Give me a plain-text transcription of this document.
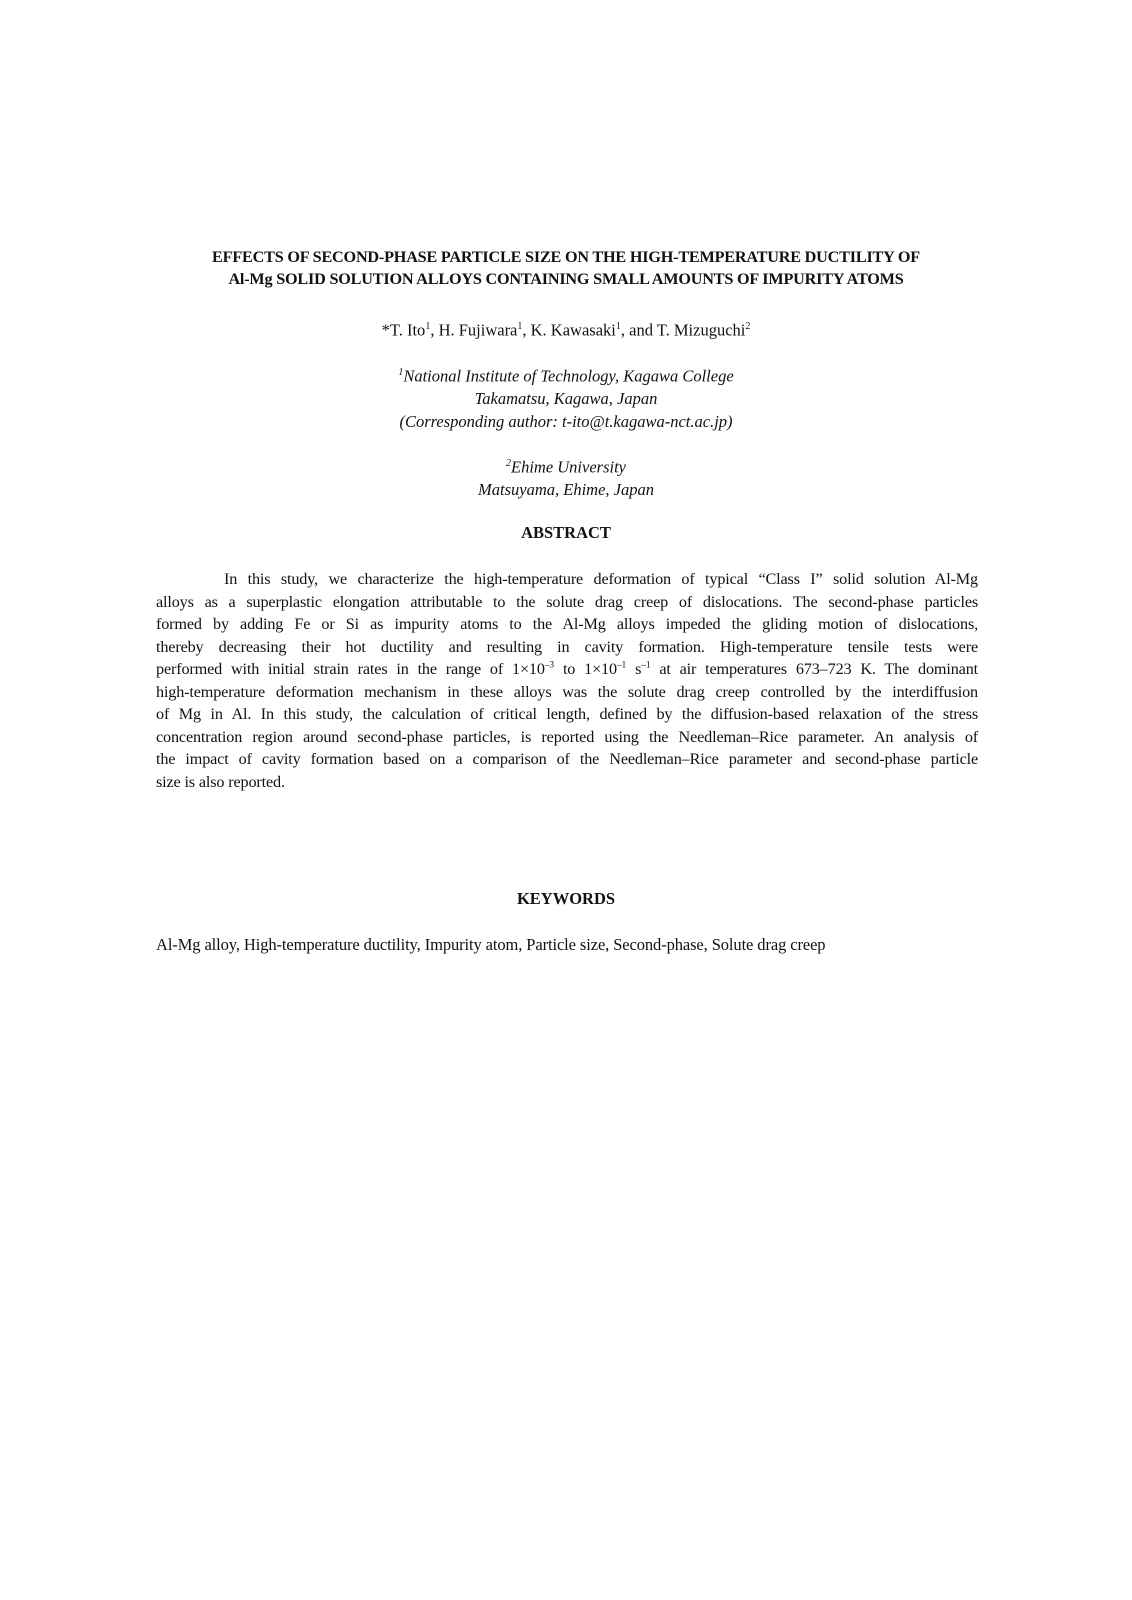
EFFECTS OF SECOND-PHASE PARTICLE SIZE ON THE HIGH-TEMPERATURE DUCTILITY OF
Al-Mg SOLID SOLUTION ALLOYS CONTAINING SMALL AMOUNTS OF IMPURITY ATOMS
*T. Ito$^1$, H. Fujiwara$^1$, K. Kawasaki$^1$, and T. Mizuguchi$^2$
$^1$National Institute of Technology, Kagawa College
Takamatsu, Kagawa, Japan
(Corresponding author: t-ito@t.kagawa-nct.ac.jp)
$^2$Ehime University
Matsuyama, Ehime, Japan
ABSTRACT
In this study, we characterize the high-temperature deformation of typical “Class I” solid solution Al-Mg
alloys as a superplastic elongation attributable to the solute drag creep of dislocations. The second-phase particles
formed by adding Fe or Si as impurity atoms to the Al-Mg alloys impeded the gliding motion of dislocations,
thereby decreasing their hot ductility and resulting in cavity formation. High-temperature tensile tests were
performed with initial strain rates in the range of $1\times 10^{-3}$ to $1\times 10^{-1}$ $s^{-1}$ at air temperatures 673–723 K. The dominant
high-temperature deformation mechanism in these alloys was the solute drag creep controlled by the interdiffusion
of Mg in Al. In this study, the calculation of critical length, defined by the diffusion-based relaxation of the stress
concentration region around second-phase particles, is reported using the Needleman–Rice parameter. An analysis of
the impact of cavity formation based on a comparison of the Needleman–Rice parameter and second-phase particle
size is also reported.
KEYWORDS
Al-Mg alloy, High-temperature ductility, Impurity atom, Particle size, Second-phase, Solute drag creep
